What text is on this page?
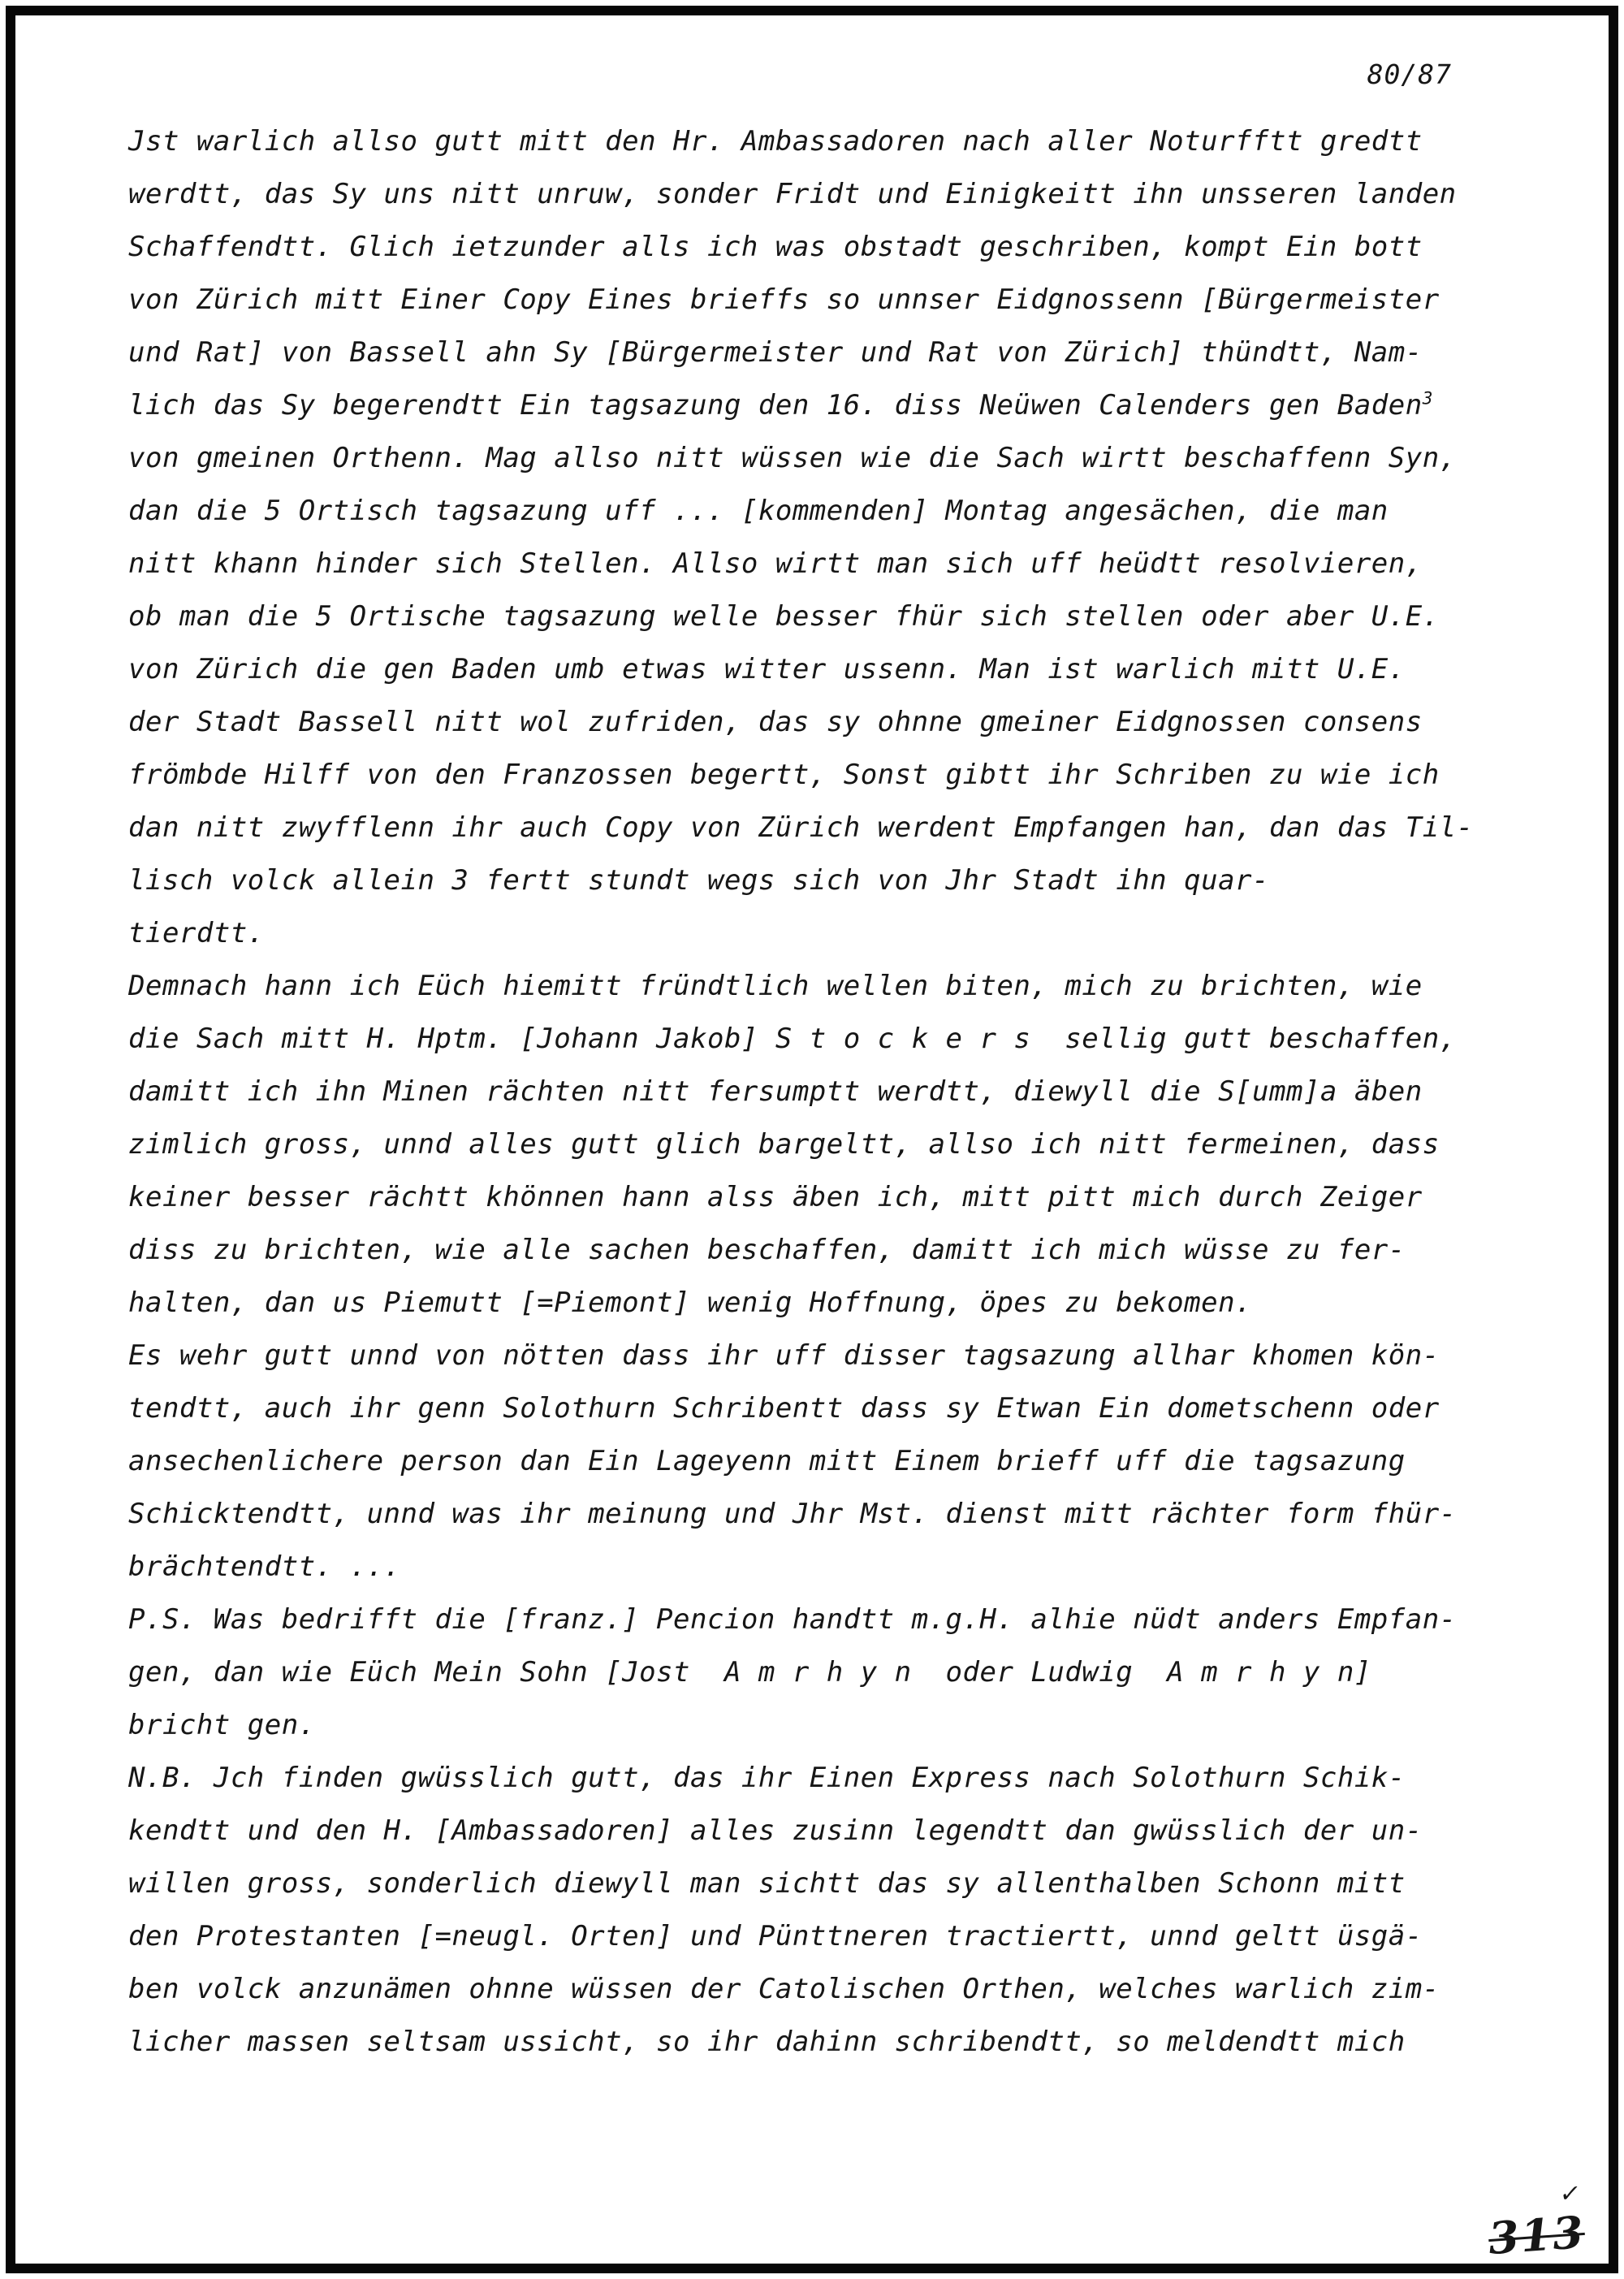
80/87
Jst warlich allso gutt mitt den Hr. Ambassadoren nach aller Noturfftt gredtt
werdtt, das Sy uns nitt unruw, sonder Fridt und Einigkeitt ihn unsseren landen
Schaffendtt. Glich ietzunder alls ich was obstadt geschriben, kompt Ein bott
von Zürich mitt Einer Copy Eines brieffs so unnser Eidgnossenn [Bürgermeister
und Rat] von Bassell ahn Sy [Bürgermeister und Rat von Zürich] thündtt, Nam-
lich das Sy begerendtt Ein tagsazung den 16. diss Neüwen Calenders gen Baden$^3$
von gmeinen Orthenn. Mag allso nitt wüssen wie die Sach wirtt beschaffenn Syn,
dan die 5 Ortisch tagsazung uff ... [kommenden] Montag angesächen, die man
nitt khann hinder sich Stellen. Allso wirtt man sich uff heüdtt resolvieren,
ob man die 5 Ortische tagsazung welle besser fhür sich stellen oder aber U.E.
von Zürich die gen Baden umb etwas witter ussenn. Man ist warlich mitt U.E.
der Stadt Bassell nitt wol zufriden, das sy ohnne gmeiner Eidgnossen consens
frömbde Hilff von den Franzossen begertt, Sonst gibtt ihr Schriben zu wie ich
dan nitt zwyfflenn ihr auch Copy von Zürich werdent Empfangen han, dan das Til-
lisch volck allein 3 fertt stundt wegs sich von Jhr Stadt ihn quar-
tierdtt.
Demnach hann ich Eüch hiemitt fründtlich wellen biten, mich zu brichten, wie
die Sach mitt H. Hptm. [Johann Jakob] S t o c k e r s  sellig gutt beschaffen,
damitt ich ihn Minen rächten nitt fersumptt werdtt, diewyll die S[umm]a äben
zimlich gross, unnd alles gutt glich bargeltt, allso ich nitt fermeinen, dass
keiner besser rächtt khönnen hann alss äben ich, mitt pitt mich durch Zeiger
diss zu brichten, wie alle sachen beschaffen, damitt ich mich wüsse zu fer-
halten, dan us Piemutt [=Piemont] wenig Hoffnung, öpes zu bekomen.
Es wehr gutt unnd von nötten dass ihr uff disser tagsazung allhar khomen kön-
tendtt, auch ihr genn Solothurn Schribentt dass sy Etwan Ein dometschenn oder
ansechenlichere person dan Ein Lageyenn mitt Einem brieff uff die tagsazung
Schicktendtt, unnd was ihr meinung und Jhr Mst. dienst mitt rächter form fhür-
brächtendtt. ...
P.S. Was bedrifft die [franz.] Pencion handtt m.g.H. alhie nüdt anders Empfan-
gen, dan wie Eüch Mein Sohn [Jost  A m r h y n  oder Ludwig  A m r h y n]
bricht gen.
N.B. Jch finden gwüsslich gutt, das ihr Einen Express nach Solothurn Schik-
kendtt und den H. [Ambassadoren] alles zusinn legendtt dan gwüsslich der un-
willen gross, sonderlich diewyll man sichtt das sy allenthalben Schonn mitt
den Protestanten [=neugl. Orten] und Pünttneren tractiertt, unnd geltt üsgä-
ben volck anzunämen ohnne wüssen der Catolischen Orthen, welches warlich zim-
licher massen seltsam ussicht, so ihr dahinn schribendtt, so meldendtt mich
✓
313
